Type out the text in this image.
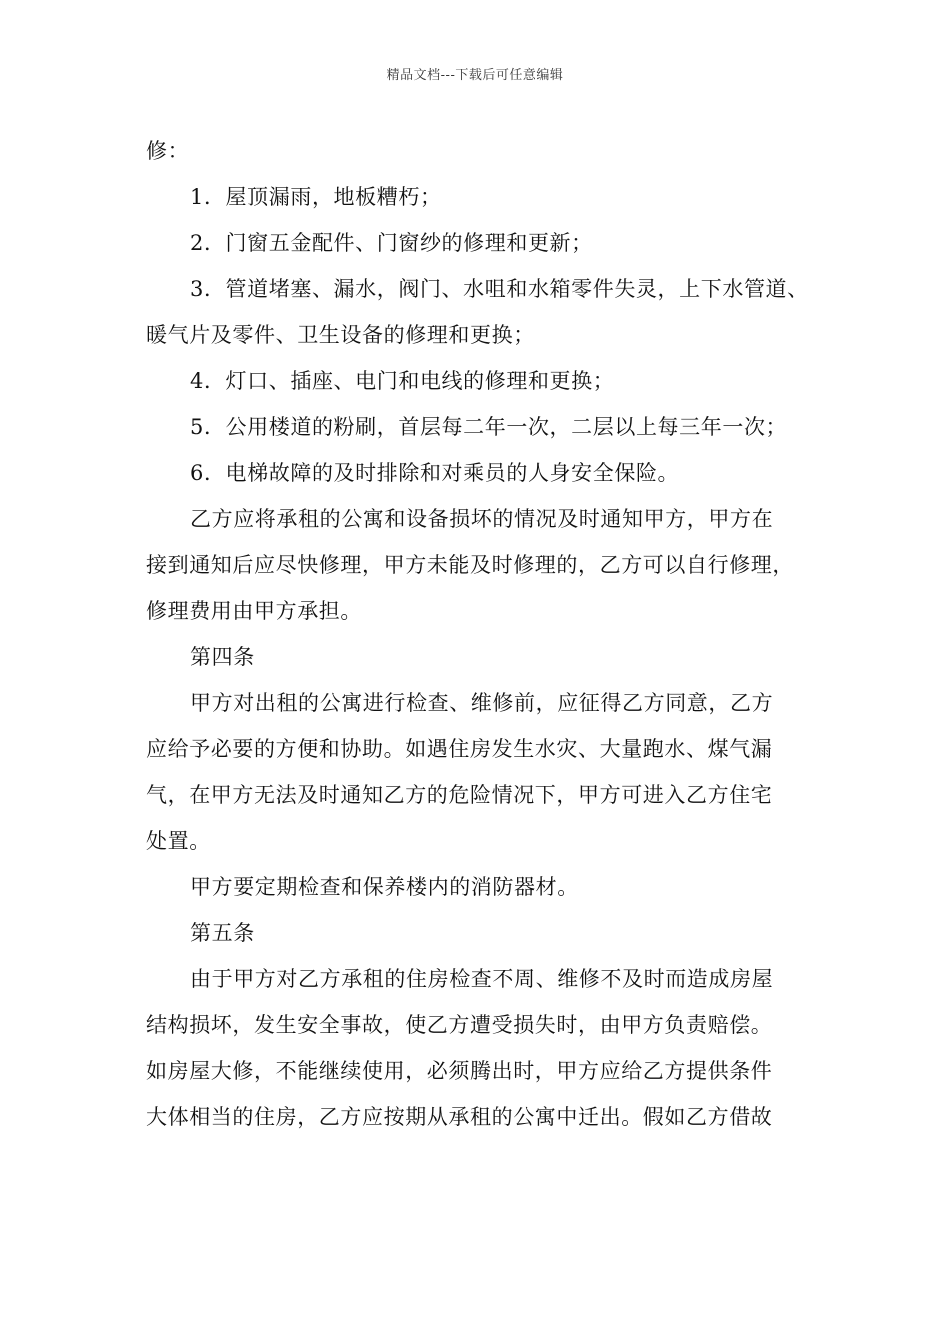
精品文档---下载后可任意编辑
修：
1．屋顶漏雨，地板糟朽；
2．门窗五金配件、门窗纱的修理和更新；
3．管道堵塞、漏水，阀门、水咀和水箱零件失灵，上下水管道、
暖气片及零件、卫生设备的修理和更换；
4．灯口、插座、电门和电线的修理和更换；
5．公用楼道的粉刷，首层每二年一次，二层以上每三年一次；
6．电梯故障的及时排除和对乘员的人身安全保险。
乙方应将承租的公寓和设备损坏的情况及时通知甲方，甲方在
接到通知后应尽快修理，甲方未能及时修理的，乙方可以自行修理，
修理费用由甲方承担。
第四条
甲方对出租的公寓进行检查、维修前，应征得乙方同意，乙方
应给予必要的方便和协助。如遇住房发生水灾、大量跑水、煤气漏
气，在甲方无法及时通知乙方的危险情况下，甲方可进入乙方住宅
处置。
甲方要定期检查和保养楼内的消防器材。
第五条
由于甲方对乙方承租的住房检查不周、维修不及时而造成房屋
结构损坏，发生安全事故，使乙方遭受损失时，由甲方负责赔偿。
如房屋大修，不能继续使用，必须腾出时，甲方应给乙方提供条件
大体相当的住房，乙方应按期从承租的公寓中迁出。假如乙方借故
